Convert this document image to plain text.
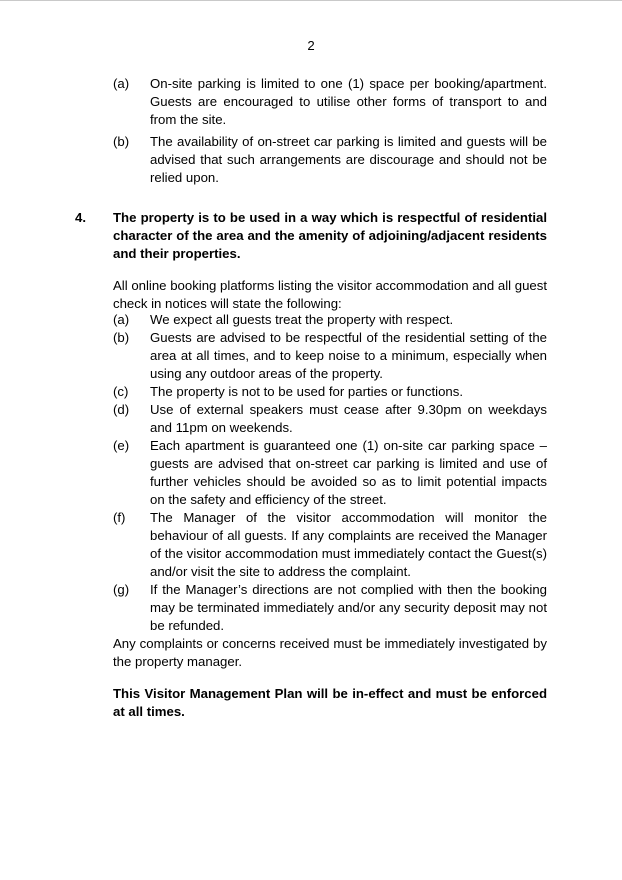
2
(a)	On-site parking is limited to one (1) space per booking/apartment. Guests are encouraged to utilise other forms of transport to and from the site.
(b)	The availability of on-street car parking is limited and guests will be advised that such arrangements are discourage and should not be relied upon.
4. The property is to be used in a way which is respectful of residential character of the area and the amenity of adjoining/adjacent residents and their properties.
All online booking platforms listing the visitor accommodation and all guest check in notices will state the following:
(a)	We expect all guests treat the property with respect.
(b)	Guests are advised to be respectful of the residential setting of the area at all times, and to keep noise to a minimum, especially when using any outdoor areas of the property.
(c)	The property is not to be used for parties or functions.
(d)	Use of external speakers must cease after 9.30pm on weekdays and 11pm on weekends.
(e)	Each apartment is guaranteed one (1) on-site car parking space – guests are advised that on-street car parking is limited and use of further vehicles should be avoided so as to limit potential impacts on the safety and efficiency of the street.
(f)	The Manager of the visitor accommodation will monitor the behaviour of all guests. If any complaints are received the Manager of the visitor accommodation must immediately contact the Guest(s) and/or visit the site to address the complaint.
(g)	If the Manager’s directions are not complied with then the booking may be terminated immediately and/or any security deposit may not be refunded.
Any complaints or concerns received must be immediately investigated by the property manager.
This Visitor Management Plan will be in-effect and must be enforced at all times.
